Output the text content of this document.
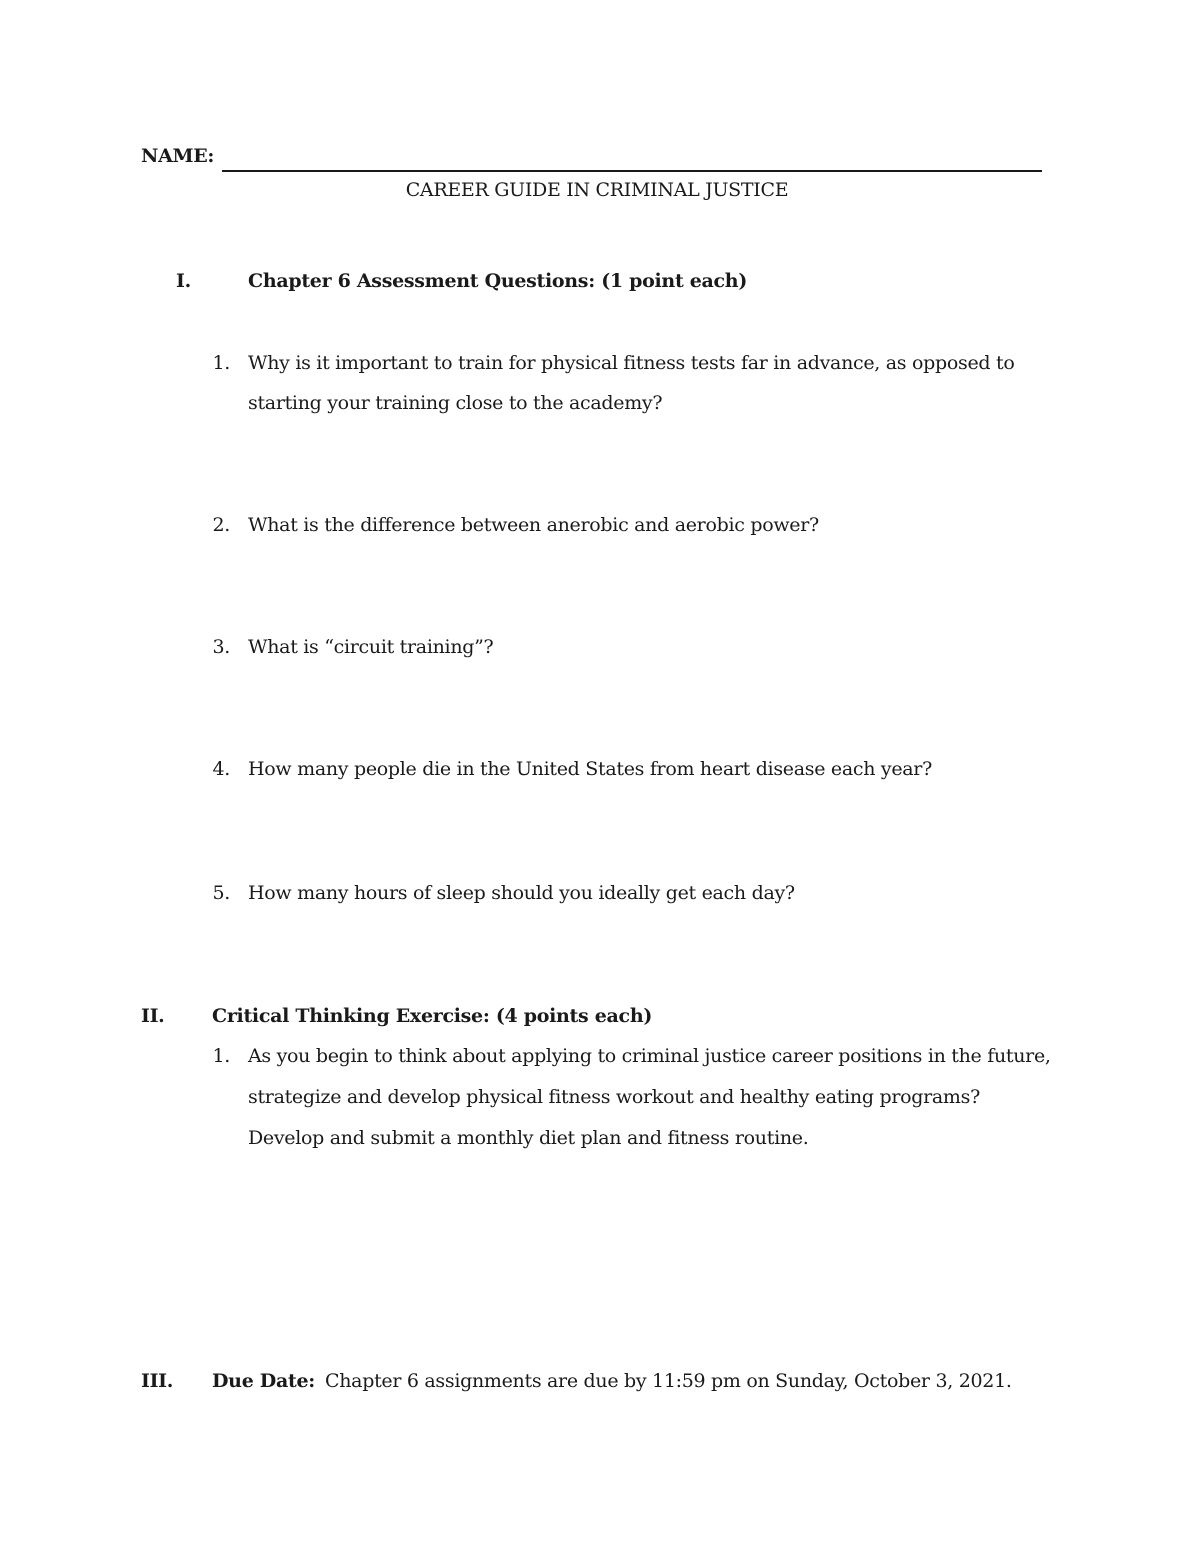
NAME:
CAREER GUIDE IN CRIMINAL JUSTICE
I.	Chapter 6 Assessment Questions: (1 point each)
1. Why is it important to train for physical fitness tests far in advance, as opposed to
starting your training close to the academy?
2. What is the difference between anerobic and aerobic power?
3. What is “circuit training”?
4. How many people die in the United States from heart disease each year?
5. How many hours of sleep should you ideally get each day?
II.	Critical Thinking Exercise: (4 points each)
1. As you begin to think about applying to criminal justice career positions in the future,
strategize and develop physical fitness workout and healthy eating programs?
Develop and submit a monthly diet plan and fitness routine.
III. Due Date: Chapter 6 assignments are due by 11:59 pm on Sunday, October 3, 2021.
